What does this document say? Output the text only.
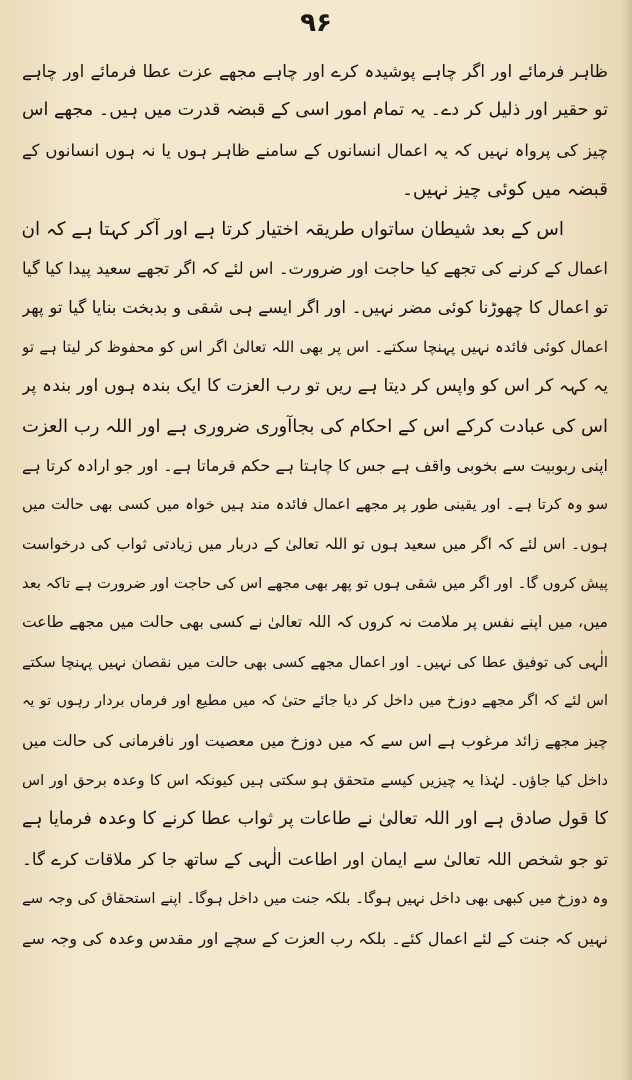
۹۶
ظاہر فرمائے اور اگر چاہے پوشیدہ کرے اور چاہے مجھے عزت عطا فرمائے اور چاہے
تو حقیر اور ذلیل کر دے۔ یہ تمام امور اسی کے قبضہ قدرت میں ہیں۔ مجھے اس
چیز کی پرواہ نہیں کہ یہ اعمال انسانوں کے سامنے ظاہر ہوں یا نہ ہوں انسانوں کے
قبضہ میں کوئی چیز نہیں۔
اس کے بعد شیطان ساتواں طریقہ اختیار کرتا ہے اور آکر کہتا ہے کہ ان
اعمال کے کرنے کی تجھے کیا حاجت اور ضرورت۔ اس لئے کہ اگر تجھے سعید پیدا کیا گیا
تو اعمال کا چھوڑنا کوئی مضر نہیں۔ اور اگر ایسے ہی شقی و بدبخت بنایا گیا تو پھر
اعمال کوئی فائدہ نہیں پہنچا سکتے۔ اس پر بھی اللہ تعالیٰ اگر اس کو محفوظ کر لیتا ہے تو
یہ کہہ کر اس کو واپس کر دیتا ہے ریں تو رب العزت کا ایک بندہ ہوں اور بندہ پر
اس کی عبادت کرکے اس کے احکام کی بجاآوری ضروری ہے اور اللہ رب العزت
اپنی ربوبیت سے بخوبی واقف ہے جس کا چاہتا ہے حکم فرماتا ہے۔ اور جو ارادہ کرتا ہے
سو وہ کرتا ہے۔ اور یقینی طور پر مجھے اعمال فائدہ مند ہیں خواہ میں کسی بھی حالت میں
ہوں۔ اس لئے کہ اگر میں سعید ہوں تو اللہ تعالیٰ کے دربار میں زیادتی ثواب کی درخواست
پیش کروں گا۔ اور اگر میں شقی ہوں تو پھر بھی مجھے اس کی حاجت اور ضرورت ہے تاکہ بعد
میں، میں اپنے نفس پر ملامت نہ کروں کہ اللہ تعالیٰ نے کسی بھی حالت میں مجھے طاعت
الٰہی کی توفیق عطا کی نہیں۔ اور اعمال مجھے کسی بھی حالت میں نقصان نہیں پہنچا سکتے
اس لئے کہ اگر مجھے دوزخ میں داخل کر دیا جائے حتیٰ کہ میں مطیع اور فرماں بردار رہوں تو یہ
چیز مجھے زائد مرغوب ہے اس سے کہ میں دوزخ میں معصیت اور نافرمانی کی حالت میں
داخل کیا جاؤں۔ لہٰذا یہ چیزیں کیسے متحقق ہو سکتی ہیں کیونکہ اس کا وعدہ برحق اور اس
کا قول صادق ہے اور اللہ تعالیٰ نے طاعات پر ثواب عطا کرنے کا وعدہ فرمایا ہے
تو جو شخص اللہ تعالیٰ سے ایمان اور اطاعت الٰہی کے ساتھ جا کر ملاقات کرے گا۔
وہ دوزخ میں کبھی بھی داخل نہیں ہوگا۔ بلکہ جنت میں داخل ہوگا۔ اپنے استحقاق کی وجہ سے
نہیں کہ جنت کے لئے اعمال کئے۔ بلکہ رب العزت کے سچے اور مقدس وعدہ کی وجہ سے
